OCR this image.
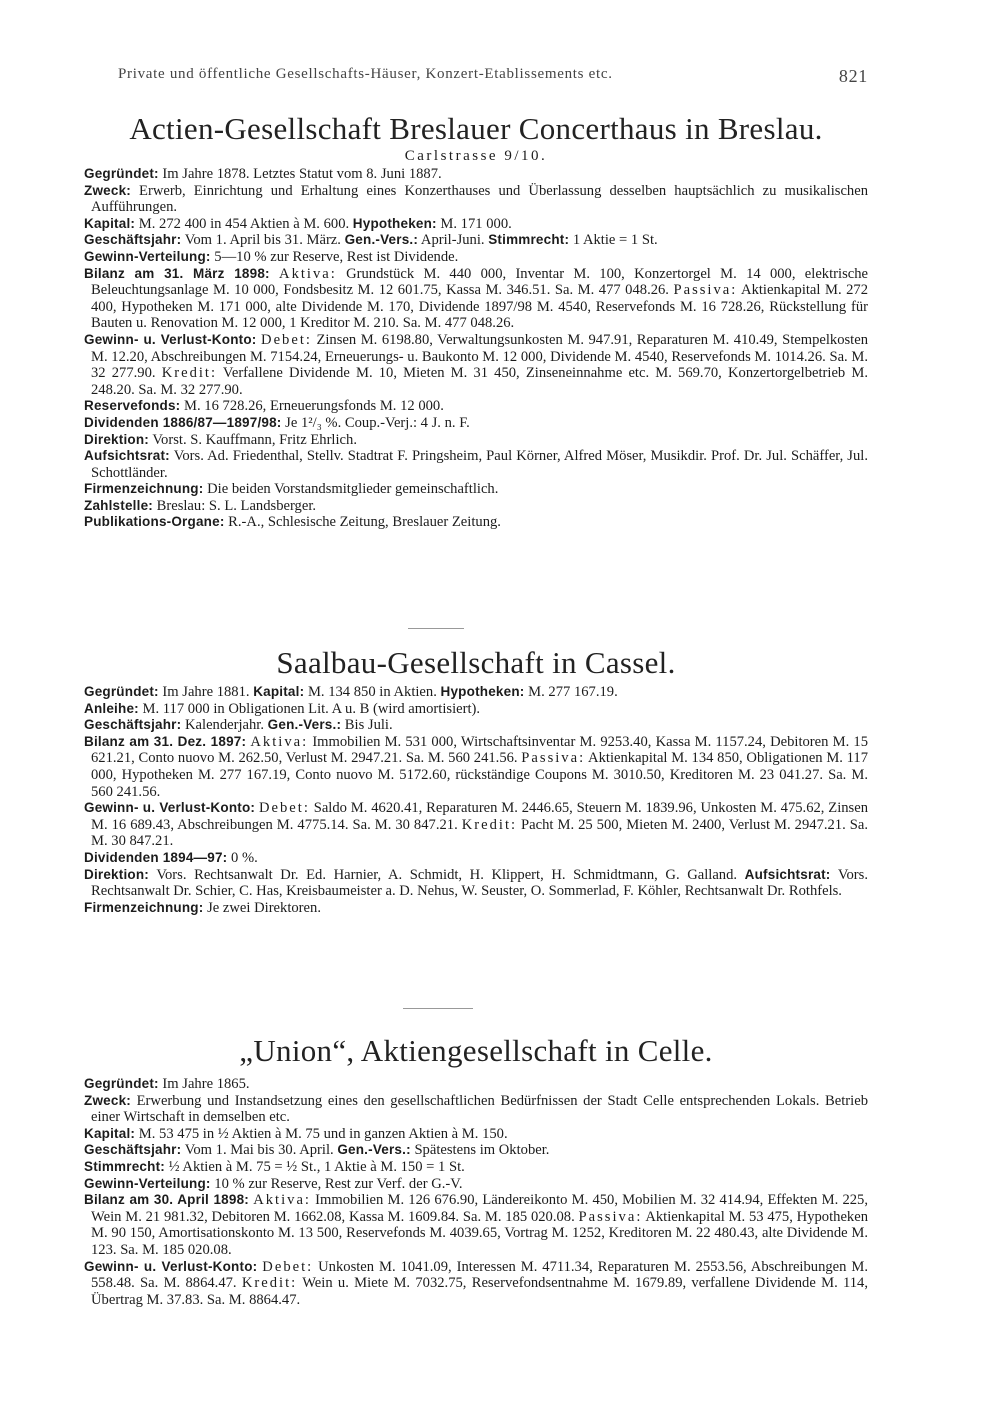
Private und öffentliche Gesellschafts-Häuser, Konzert-Etablissements etc.	821
Actien-Gesellschaft Breslauer Concerthaus in Breslau.
Carlstrasse 9/10.

Gegründet: Im Jahre 1878. Letztes Statut vom 8. Juni 1887.

Zweck: Erwerb, Einrichtung und Erhaltung eines Konzerthauses und Überlassung desselben hauptsächlich zu musikalischen Aufführungen.

Kapital: M. 272 400 in 454 Aktien à M. 600. Hypotheken: M. 171 000.

Geschäftsjahr: Vom 1. April bis 31. März. Gen.-Vers.: April-Juni. Stimmrecht: 1 Aktie = 1 St.

Gewinn-Verteilung: 5—10 % zur Reserve, Rest ist Dividende.

Bilanz am 31. März 1898: Aktiva: Grundstück M. 440 000, Inventar M. 100, Konzertorgel M. 14 000, elektrische Beleuchtungsanlage M. 10 000, Fondsbesitz M. 12 601.75, Kassa M. 346.51. Sa. M. 477 048.26. Passiva: Aktienkapital M. 272 400, Hypotheken M. 171 000, alte Dividende M. 170, Dividende 1897/98 M. 4540, Reservefonds M. 16 728.26, Rückstellung für Bauten u. Renovation M. 12 000, 1 Kreditor M. 210. Sa. M. 477 048.26.

Gewinn- u. Verlust-Konto: Debet: Zinsen M. 6198.80, Verwaltungsunkosten M. 947.91, Reparaturen M. 410.49, Stempelkosten M. 12.20, Abschreibungen M. 7154.24, Erneuerungs- u. Baukonto M. 12 000, Dividende M. 4540, Reservefonds M. 1014.26. Sa. M. 32 277.90. Kredit: Verfallene Dividende M. 10, Mieten M. 31 450, Zinseneinnahme etc. M. 569.70, Konzertorgelbetrieb M. 248.20. Sa. M. 32 277.90.

Reservefonds: M. 16 728.26, Erneuerungsfonds M. 12 000.

Dividenden 1886/87—1897/98: Je 1²/₃ %. Coup.-Verj.: 4 J. n. F.

Direktion: Vorst. S. Kauffmann, Fritz Ehrlich.

Aufsichtsrat: Vors. Ad. Friedenthal, Stellv. Stadtrat F. Pringsheim, Paul Körner, Alfred Möser, Musikdir. Prof. Dr. Jul. Schäffer, Jul. Schottländer.

Firmenzeichnung: Die beiden Vorstandsmitglieder gemeinschaftlich.

Zahlstelle: Breslau: S. L. Landsberger.

Publikations-Organe: R.-A., Schlesische Zeitung, Breslauer Zeitung.

Saalbau-Gesellschaft in Cassel.

Gegründet: Im Jahre 1881. Kapital: M. 134 850 in Aktien. Hypotheken: M. 277 167.19.

Anleihe: M. 117 000 in Obligationen Lit. A u. B (wird amortisiert).

Geschäftsjahr: Kalenderjahr. Gen.-Vers.: Bis Juli.

Bilanz am 31. Dez. 1897: Aktiva: Immobilien M. 531 000, Wirtschaftsinventar M. 9253.40, Kassa M. 1157.24, Debitoren M. 15 621.21, Conto nuovo M. 262.50, Verlust M. 2947.21. Sa. M. 560 241.56. Passiva: Aktienkapital M. 134 850, Obligationen M. 117 000, Hypotheken M. 277 167.19, Conto nuovo M. 5172.60, rückständige Coupons M. 3010.50, Kreditoren M. 23 041.27. Sa. M. 560 241.56.

Gewinn- u. Verlust-Konto: Debet: Saldo M. 4620.41, Reparaturen M. 2446.65, Steuern M. 1839.96, Unkosten M. 475.62, Zinsen M. 16 689.43, Abschreibungen M. 4775.14. Sa. M. 30 847.21. Kredit: Pacht M. 25 500, Mieten M. 2400, Verlust M. 2947.21. Sa. M. 30 847.21.

Dividenden 1894—97: 0 %.

Direktion: Vors. Rechtsanwalt Dr. Ed. Harnier, A. Schmidt, H. Klippert, H. Schmidtmann, G. Galland. Aufsichtsrat: Vors. Rechtsanwalt Dr. Schier, C. Has, Kreisbaumeister a. D. Nehus, W. Seuster, O. Sommerlad, F. Köhler, Rechtsanwalt Dr. Rothfels.

Firmenzeichnung: Je zwei Direktoren.

„Union“, Aktiengesellschaft in Celle.

Gegründet: Im Jahre 1865.

Zweck: Erwerbung und Instandsetzung eines den gesellschaftlichen Bedürfnissen der Stadt Celle entsprechenden Lokals. Betrieb einer Wirtschaft in demselben etc.

Kapital: M. 53 475 in ½ Aktien à M. 75 und in ganzen Aktien à M. 150.

Geschäftsjahr: Vom 1. Mai bis 30. April. Gen.-Vers.: Spätestens im Oktober.

Stimmrecht: ½ Aktien à M. 75 = ½ St., 1 Aktie à M. 150 = 1 St.

Gewinn-Verteilung: 10 % zur Reserve, Rest zur Verf. der G.-V.

Bilanz am 30. April 1898: Aktiva: Immobilien M. 126 676.90, Ländereikonto M. 450, Mobilien M. 32 414.94, Effekten M. 225, Wein M. 21 981.32, Debitoren M. 1662.08, Kassa M. 1609.84. Sa. M. 185 020.08. Passiva: Aktienkapital M. 53 475, Hypotheken M. 90 150, Amortisationskonto M. 13 500, Reservefonds M. 4039.65, Vortrag M. 1252, Kreditoren M. 22 480.43, alte Dividende M. 123. Sa. M. 185 020.08.

Gewinn- u. Verlust-Konto: Debet: Unkosten M. 1041.09, Interessen M. 4711.34, Reparaturen M. 2553.56, Abschreibungen M. 558.48. Sa. M. 8864.47. Kredit: Wein u. Miete M. 7032.75, Reservefondsentnahme M. 1679.89, verfallene Dividende M. 114, Übertrag M. 37.83. Sa. M. 8864.47.
